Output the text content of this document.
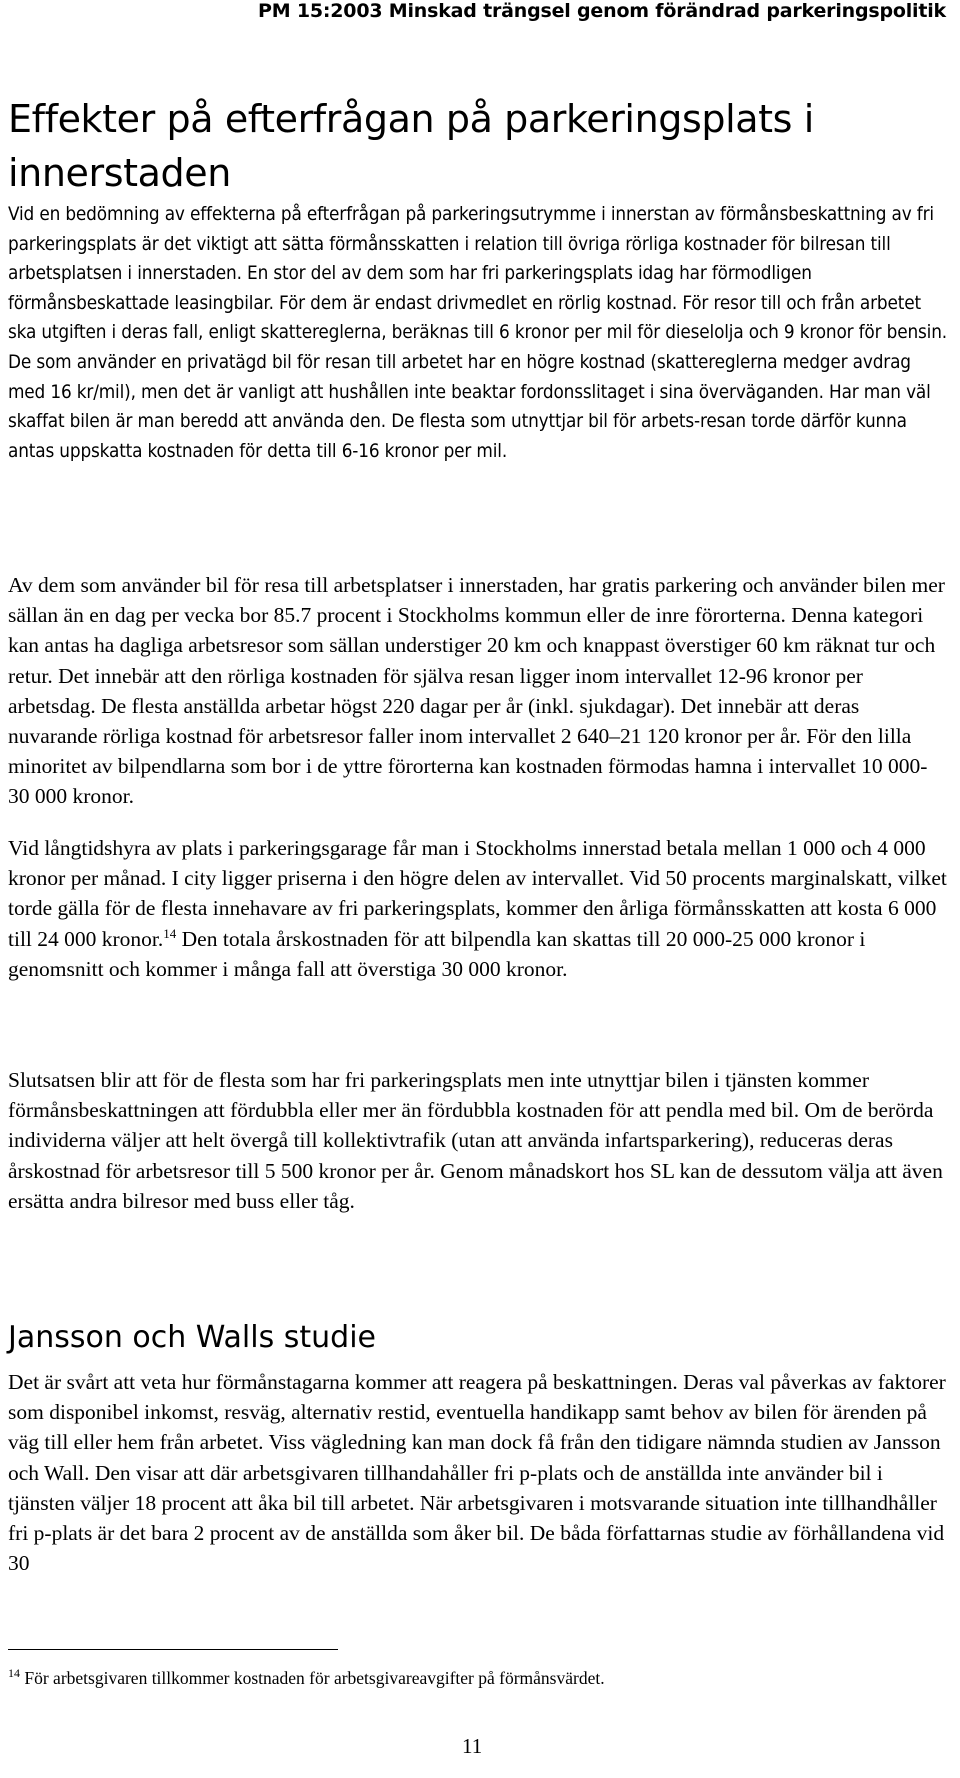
PM 15:2003 Minskad trängsel genom förändrad parkeringspolitik
Effekter på efterfrågan på parkeringsplats i innerstaden

Vid en bedömning av effekterna på efterfrågan på parkeringsutrymme i innerstan av förmånsbeskattning av fri parkeringsplats är det viktigt att sätta förmånsskatten i relation till övriga rörliga kostnader för bilresan till arbetsplatsen i innerstaden. En stor del av dem som har fri parkeringsplats idag har förmodligen förmånsbeskattade leasingbilar. För dem är endast drivmedlet en rörlig kostnad. För resor till och från arbetet ska utgiften i deras fall, enligt skattereglerna, beräknas till 6 kronor per mil för dieselolja och 9 kronor för bensin. De som använder en privatägd bil för resan till arbetet har en högre kostnad (skattereglerna medger avdrag med 16 kr/mil), men det är vanligt att hushållen inte beaktar fordonsslitaget i sina överväganden. Har man väl skaffat bilen är man beredd att använda den. De flesta som utnyttjar bil för arbets-resan torde därför kunna antas uppskatta kostnaden för detta till 6-16 kronor per mil.

Av dem som använder bil för resa till arbetsplatser i innerstaden, har gratis parkering och använder bilen mer sällan än en dag per vecka bor 85.7 procent i Stockholms kommun eller de inre förorterna. Denna kategori kan antas ha dagliga arbetsresor som sällan understiger 20 km och knappast överstiger 60 km räknat tur och retur. Det innebär att den rörliga kostnaden för själva resan ligger inom intervallet 12-96 kronor per arbetsdag. De flesta anställda arbetar högst 220 dagar per år (inkl. sjukdagar). Det innebär att deras nuvarande rörliga kostnad för arbetsresor faller inom intervallet 2 640–21 120 kronor per år. För den lilla minoritet av bilpendlarna som bor i de yttre förorterna kan kostnaden förmodas hamna i intervallet 10 000- 30 000 kronor.

Vid långtidshyra av plats i parkeringsgarage får man i Stockholms innerstad betala mellan 1 000 och 4 000 kronor per månad. I city ligger priserna i den högre delen av intervallet. Vid 50 procents marginalskatt, vilket torde gälla för de flesta innehavare av fri parkeringsplats, kommer den årliga förmånsskatten att kosta 6 000 till 24 000 kronor.$^{14}$ Den totala årskostnaden för att bilpendla kan skattas till 20 000-25 000 kronor i genomsnitt och kommer i många fall att överstiga 30 000 kronor.

Slutsatsen blir att för de flesta som har fri parkeringsplats men inte utnyttjar bilen i tjänsten kommer förmånsbeskattningen att fördubbla eller mer än fördubbla kostnaden för att pendla med bil. Om de berörda individerna väljer att helt övergå till kollektivtrafik (utan att använda infartsparkering), reduceras deras årskostnad för arbetsresor till 5 500 kronor per år. Genom månadskort hos SL kan de dessutom välja att även ersätta andra bilresor med buss eller tåg.

Jansson och Walls studie

Det är svårt att veta hur förmånstagarna kommer att reagera på beskattningen. Deras val påverkas av faktorer som disponibel inkomst, resväg, alternativ restid, eventuella handikapp samt behov av bilen för ärenden på väg till eller hem från arbetet. Viss vägledning kan man dock få från den tidigare nämnda studien av Jansson och Wall. Den visar att där arbetsgivaren tillhandahåller fri p-plats och de anställda inte använder bil i tjänsten väljer 18 procent att åka bil till arbetet. När arbetsgivaren i motsvarande situation inte tillhandhåller fri p-plats är det bara 2 procent av de anställda som åker bil. De båda författarnas studie av förhållandena vid 30

$^{14}$ För arbetsgivaren tillkommer kostnaden för arbetsgivareavgifter på förmånsvärdet.

11
